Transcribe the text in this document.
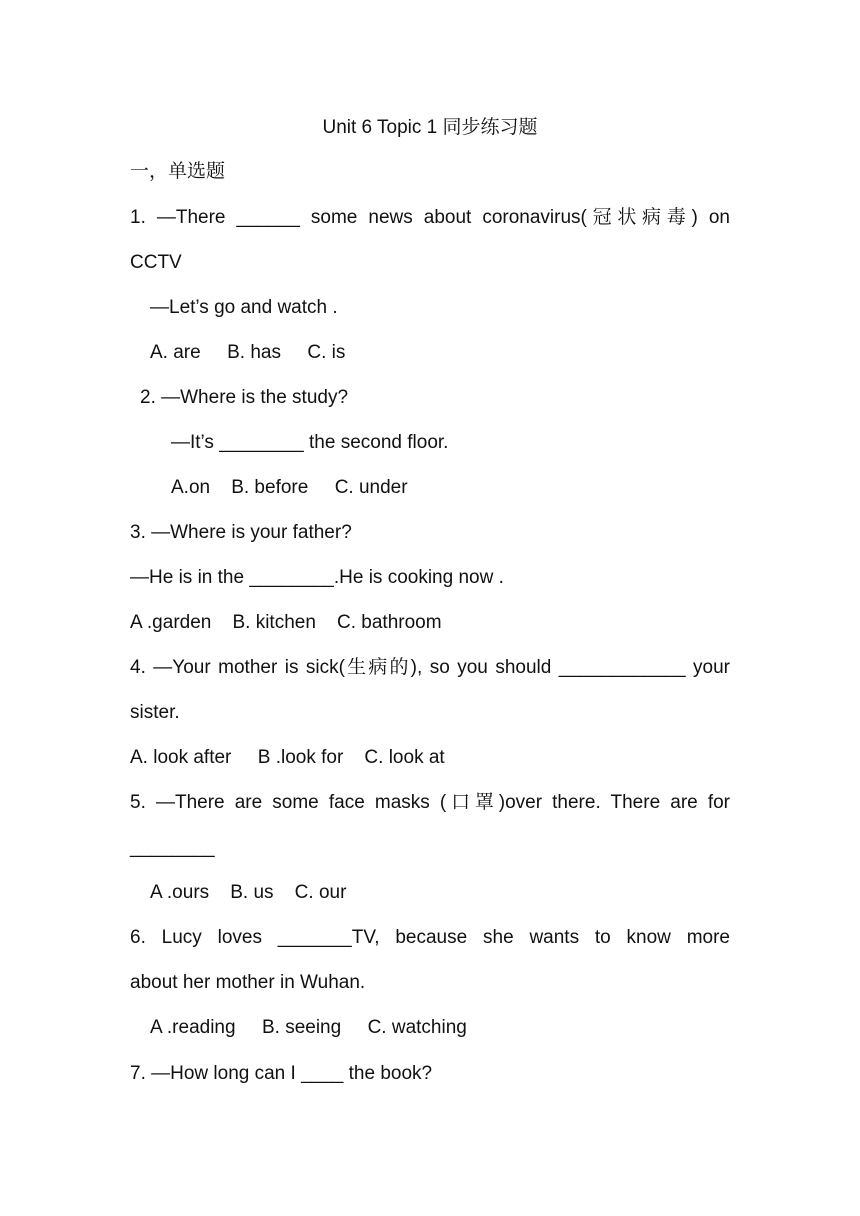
Unit 6 Topic 1 同步练习题
一，单选题
1. —There ______ some news about coronavirus(冠状病毒) on
CCTV
—Let’s go and watch .
A. are     B. has     C. is
2. —Where is the study?
—It’s ________ the second floor.
A.on    B. before     C. under
3. —Where is your father?
—He is in the ________.He is cooking now .
A .garden    B. kitchen    C. bathroom
4. —Your mother is sick(生病的), so you should ____________ your
sister.
A. look after     B .look for    C. look at
5. —There are some face masks (口罩)over there. There are for
________
A .ours    B. us    C. our
6. Lucy loves _______TV, because she wants to know more
about her mother in Wuhan.
A .reading     B. seeing     C. watching
7. —How long can I ____ the book?
